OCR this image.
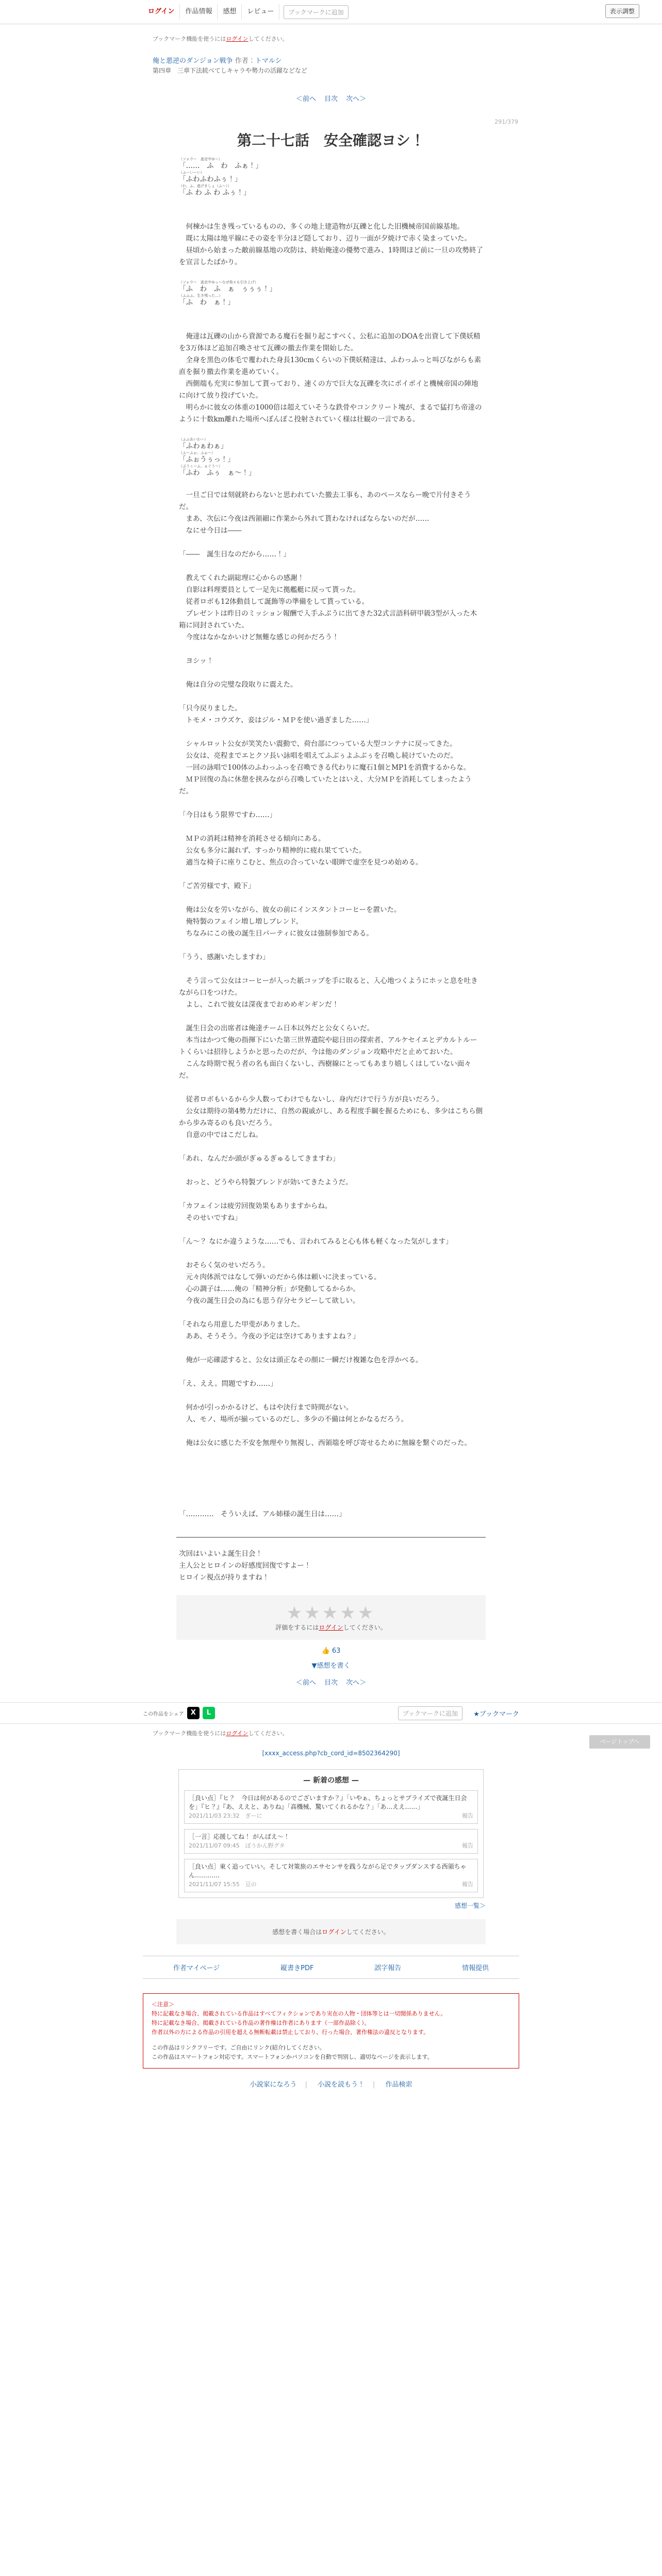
ログイン	作品情報	感想	レビュー	ブックマークに追加	表示調整
ブックマーク機能を使うにはログインしてください。
俺と悪逆のダンジョン戦争 作者：トマルシ
第四章　三章下法統べてしキャラや勢力の活躍などなど
＜前へ 目次 次へ＞
291/379
第二十七話　安全確認ヨシ！
（ソォウー　逃走中ゆ〜）
「……　ふ　わ　ふぁ！」
（ふーいーい）
「ふわふわふぅ！」
（わ、ふ、逃げましょ（ふ〜））
「ふ わ ふ わ ふぅ！」

　何棟かは生き残っているものの、多くの地上建造物が瓦礫と化した旧機械帝国前線基地。

　既に太陽は地平線にその姿を半分ほど隠しており、辺り一面が夕焼けで赤く染まっていた。

　昼頃から始まった敵前線基地の攻防は、終始俺達の優勢で進み、1時間ほど前に一旦の攻勢終了を宣言したばかり。

（ソォウ～　逃走中ゆっ〜なぜ我々も引き上げ）
「ふ　わ　ふ　ぁ　ぅぅぅ！」
（ふふふ、生き残った…）
「ふ　わ　ぁ！」

　俺達は瓦礫の山から資源である魔石を掘り起こすべく、公私に追加のDOAを出資して下僕妖精を3万体ほど追加召喚させて瓦礫の撤去作業を開始した。

　全身を黒色の体毛で覆われた身長130cmくらいの下僕妖精達は、ふわっふっと叫びながらも素直を掘り撤去作業を進めていく。

　西側端も充実に参加して貰っており、速くの方で巨大な瓦礫を次にポイポイと機械帝国の陣地に向けて放り投げていた。

　明らかに彼女の体重の1000倍は超えていそうな鉄骨やコンクリート塊が、まるで猛打ち帝達のように十数km離れた場所へぽんぽこ投射されていく様は壮観の一言である。

（ふふあいわ〜）
「ふわぁわぁ」
（ふ〜ふぉ、ふぉ〜）
「ふぉうぅっ！」
（ぶうぅーふ、ぁぐう〜）
「ふわ　ふぅ　ぁ〜！」

　一旦ご日では刻就終わらないと思われていた撤去工事も、あのペースならー晩で片付きそうだ。

　まあ、次伝に今夜は西領細に作業から外れて貰わなければならないのだが……

　なにせ今日は――

「――　誕生日なのだから……！」

　教えてくれた副総理に心からの感謝！

　自影は料理要員として一足先に拠艦艇に戻って貰った。

　従者ロボも12体動員して誕飾等の準備をして貰っている。

　プレゼントは昨日のミッション報酬で入手ふぶうに出てきた32式言語科研甲級3型が入った木箱に同封されていた。

　今度はなかなかいけど無難な感じの何かだろう！

　ヨシッ！

　俺は自分の完璧な段取りに震えた。

「只今戻りました。

　トモメ・コウズケ、妾はジル・ＭＰを使い過ぎました……」

　シャルロット公女が笑笑たい震動で、荷台部につっている大型コンテナに戻ってきた。

　公女は、亮程までエとクソ長い詠唱を唱えてふぶぅよふぶぅを召喚し続けていたのだ。

　一回の詠唱で100体のふわっふっを召喚できる代わりに魔石1個とMP1を消費するからな。

　ＭＰ回復の為に休憩を挟みながら召喚していたとはいえ、大分ＭＰを消耗してしまったようだ。

「今日はもう限界ですわ……」

　ＭＰの消耗は精神を消耗させる傾向にある。

　公女も多分に漏れず、すっかり精神的に疲れ果てていた。

　適当な椅子に座りこむと、焦点の合っていない眼眸で虚空を見つめ始める。

「ご苦労様です、殿下」

　俺は公女を労いながら、彼女の前にインスタントコーヒーを置いた。

　俺特製のフェイン増し増しブレンド。

　ちなみにこの後の誕生日パーティに彼女は強制参加である。

「うう、感謝いたしますわ」

　そう言って公女はコーヒーが入った紙コップを手に取ると、入心地つくようにホッと息を吐きながら口をつけた。

　よし、これで彼女は深夜までおめめギンギンだ！

　誕生日会の出席者は俺達チーム日本以外だと公女くらいだ。

　本当はかつて俺の指揮下にいた第三世界遺院や総日田の探索者、アルケセイエとデカルトルートくらいは招待しようかと思ったのだが、今は他のダンジョン攻略中だと止めておいた。

　こんな時期で祝う者の名も面白くないし、西樹線にとってもあまり嬉しくはしていない面々だ。

　従者ロボもいるから少人数ってわけでもないし、身内だけで行う方が良いだろう。

　公女は期待の第4勢力だけに、自然の親戚がし、ある程度手綱を握るためにも、多少はこちら側から歩み寄るのも良いだろう。

　自意の中ではこだしね。

「あれ、なんだか頭がぎゅるぎゅるしてきますわ」

　おっと、どうやら特製ブレンドが効いてきたようだ。

「カフェインは疲労回復効果もありますからね。

　そのせいですね」

「ん〜？ なにか違うような……でも、言われてみると心も体も軽くなった気がします」

　おそらく気のせいだろう。

　元々肉体派ではなして弾いのだから体は頼いに決まっている。

　心の調子は……俺の「精神分析」が発動してるからか。

　今夜の誕生日会の為にも思う存分セラピーして欲しい。

「それなら用意した甲斐がありました。

　ああ、そうそう。今夜の予定は空けてありますよね？」

　俺が一応確認すると、公女は頭正なその顔に一瞬だけ複雑な色を浮かべる。

「え、ええ。問題ですわ……」

　何かが引っかかるけど、もはや決行まで時間がない。

　人、モノ、場所が揃っているのだし、多少の不備は何とかなるだろう。

　俺は公女に感じた不安を無理やり無視し、西領端を呼び寄せるために無線を繋ぐのだった。

「…………　そういえば、アル姉様の誕生日は……」

ページトップへ

次回はいよいよ誕生日会！

主人公とヒロインの好感度回復ですよー！

ヒロイン視点が持りますね！

★★★★★
評価をするにはログインしてください。
👍 63
▼感想を書く
＜前へ 目次 次へ＞
この作品をシェア X	L	ブックマークに追加	★ブックマーク
ブックマーク機能を使うにはログインしてください。
[xxxx_access.php?cb_cord_id=8502364290]
— 新着の感想 —
［良い点］『ヒ？　今日は何があるのでございますか？』「いやぁ、ちょっとサプライズで夜誕生日会を」『ヒ？』『あ、ええと、ありね』「高機械、驚いてくれるかな？」「あ…ええ……」
2021/11/03 23:32　ぎーに	報告
［一言］応援してね！ がんばえ～！
2021/11/07 09:45　ぼうかん野グタ	報告
［良い点］東く追っていい。そして対策旅のエサセンサを践うながら足でタップダンスする西領ちゃん…………
2021/11/07 15:55　豆の	報告
感想一覧＞
感想を書く場合はログインしてください。
作者マイページ	縦書きPDF	誤字報告	情報提供
＜注意＞
特に記載なき場合、掲載されている作品はすべてフィクションであり実在の人物・団体等とは一切関係ありません。
特に記載なき場合、掲載されている作品の著作権は作者にあります（一部作品除く）。
作者以外の方による作品の引用を超える無断転載は禁止しており、行った場合、著作権法の違反となります。
この作品はリンクフリーです。ご自由にリンク(紹介)してください。
この作品はスマートフォン対応です。スマートフォンかパソコンを自動で判別し、適切なページを表示します。
小説家になろう | 小説を読もう！ | 作品検索
